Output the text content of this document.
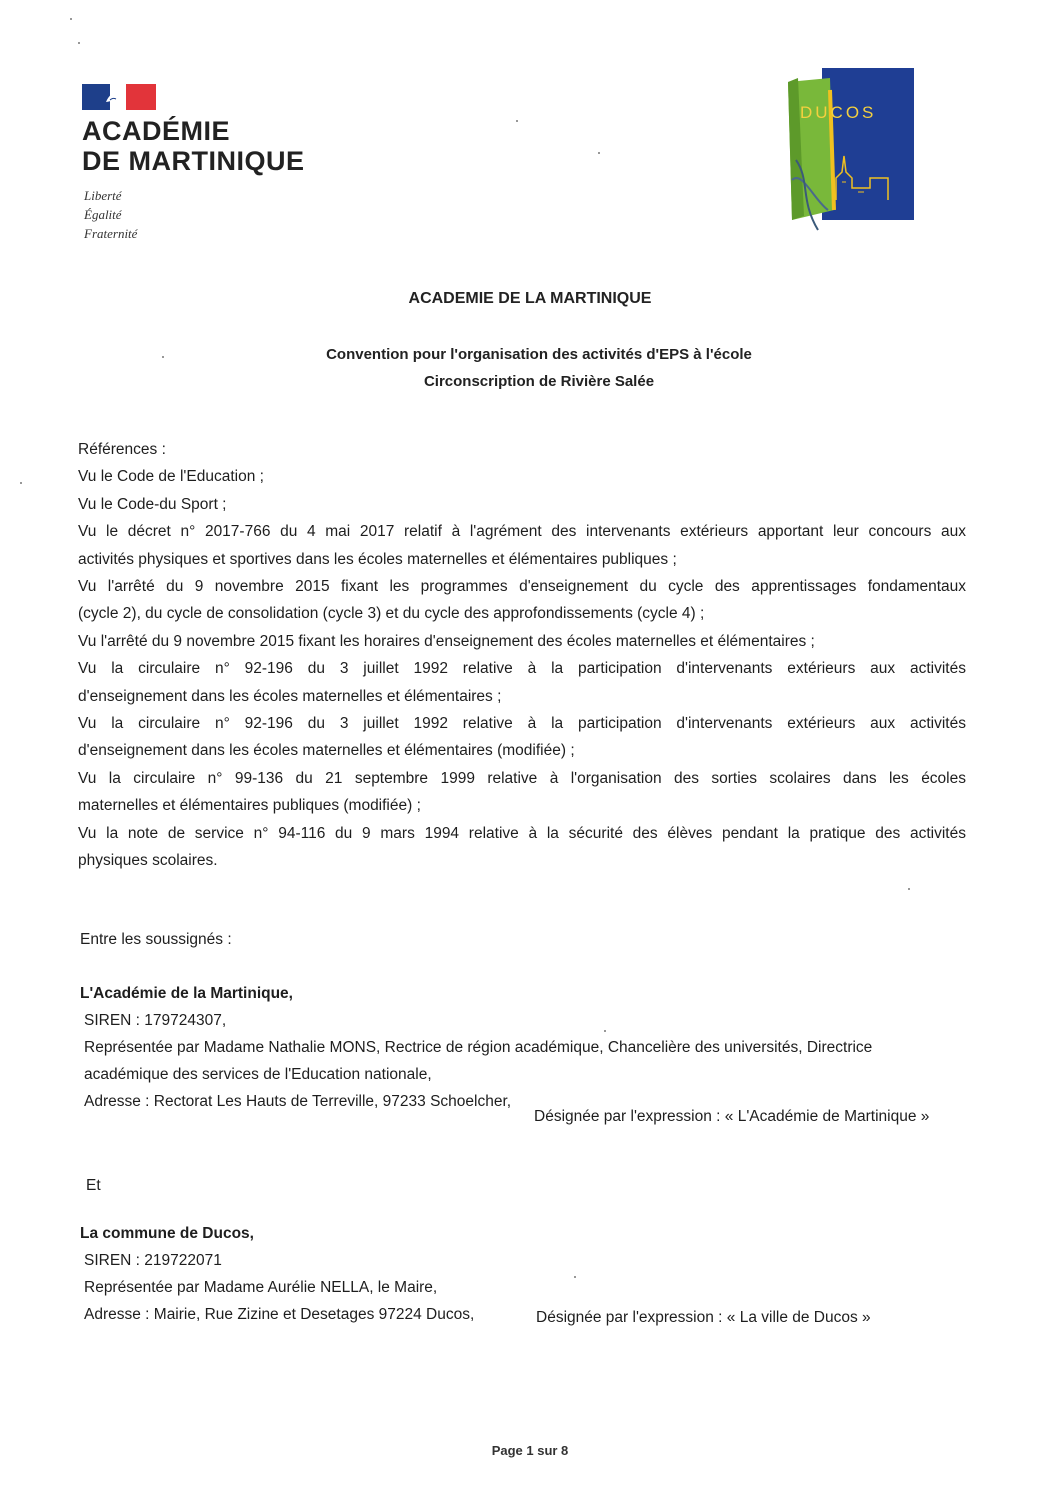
ACADÉMIE
DE MARTINIQUE
Liberté
Égalité
Fraternité
DUCOS
ACADEMIE DE LA MARTINIQUE
Convention pour l'organisation des activités d'EPS à l'école
Circonscription de Rivière Salée

Références :

Vu le Code de l'Education ;

Vu le Code-du Sport ;

Vu le décret n° 2017-766 du 4 mai 2017 relatif à l'agrément des intervenants extérieurs apportant leur concours aux

activités physiques et sportives dans les écoles maternelles et élémentaires publiques ;

Vu l'arrêté du 9 novembre 2015 fixant les programmes d'enseignement du cycle des apprentissages fondamentaux

(cycle 2), du cycle de consolidation (cycle 3) et du cycle des approfondissements (cycle 4) ;

Vu l'arrêté du 9 novembre 2015 fixant les horaires d'enseignement des écoles maternelles et élémentaires ;

Vu la circulaire n° 92-196 du 3 juillet 1992 relative à la participation d'intervenants extérieurs aux activités

d'enseignement dans les écoles maternelles et élémentaires ;

Vu la circulaire n° 92-196 du 3 juillet 1992 relative à la participation d'intervenants extérieurs aux activités

d'enseignement dans les écoles maternelles et élémentaires (modifiée) ;

Vu la circulaire n° 99-136 du 21 septembre 1999 relative à l'organisation des sorties scolaires dans les écoles

maternelles et élémentaires publiques (modifiée) ;

Vu la note de service n° 94-116 du 9 mars 1994 relative à la sécurité des élèves pendant la pratique des activités

physiques scolaires.

Entre les soussignés :
L'Académie de la Martinique,
SIREN : 179724307,
Représentée par Madame Nathalie MONS, Rectrice de région académique, Chancelière des universités, Directrice
académique des services de l'Education nationale,
Adresse : Rectorat Les Hauts de Terreville, 97233 Schoelcher,
Désignée par l'expression : « L'Académie de Martinique »
Et
La commune de Ducos,
SIREN : 219722071
Représentée par Madame Aurélie NELLA, le Maire,
Adresse : Mairie, Rue Zizine et Desetages 97224 Ducos,	Désignée par l'expression : « La ville de Ducos »
Page 1 sur 8
